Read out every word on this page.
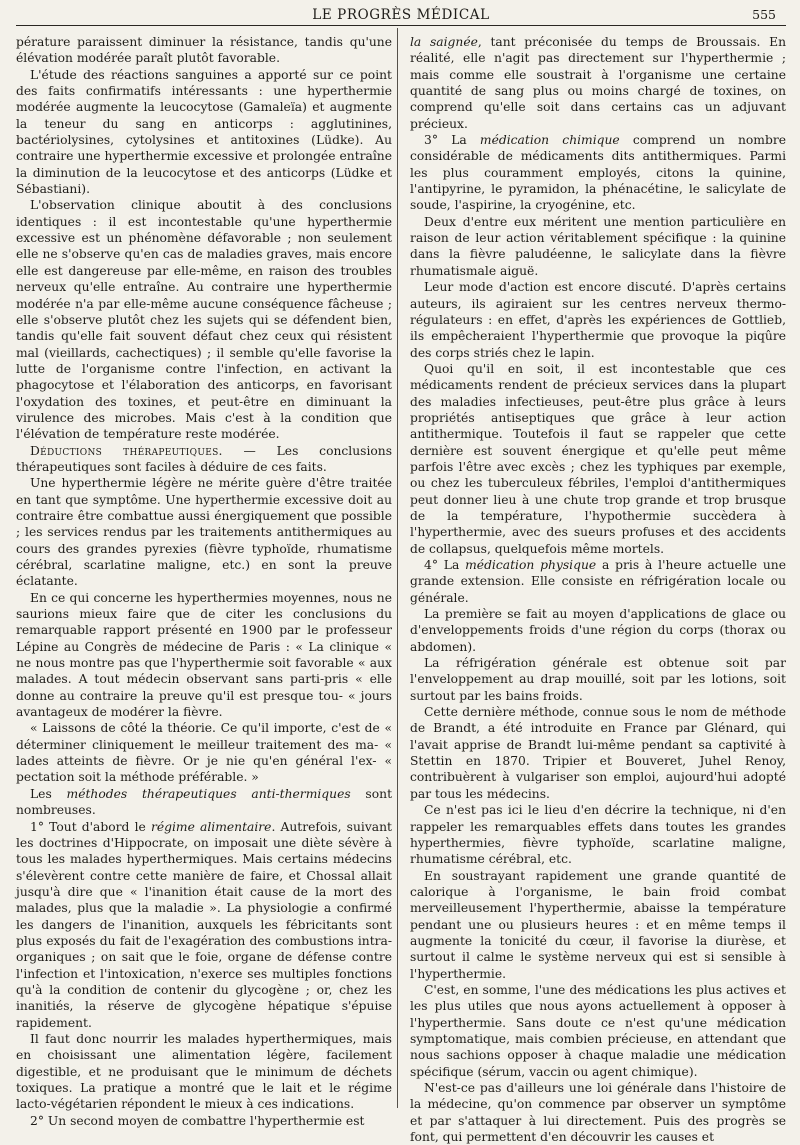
LE PROGRÈS MÉDICAL	555

pérature paraissent diminuer la résistance, tandis qu'une élévation modérée paraît plutôt favorable.

L'étude des réactions sanguines a apporté sur ce point des faits confirmatifs intéressants : une hyperthermie modérée augmente la leucocytose (Gamaleïa) et augmente la teneur du sang en anticorps : agglutinines, bactériolysines, cytolysines et antitoxines (Lüdke). Au contraire une hyperthermie excessive et prolongée entraîne la diminution de la leucocytose et des anticorps (Lüdke et Sébastiani).

L'observation clinique aboutit à des conclusions identiques : il est incontestable qu'une hyperthermie excessive est un phénomène défavorable ; non seulement elle ne s'observe qu'en cas de maladies graves, mais encore elle est dangereuse par elle-même, en raison des troubles nerveux qu'elle entraîne. Au contraire une hyperthermie modérée n'a par elle-même aucune conséquence fâcheuse ; elle s'observe plutôt chez les sujets qui se défendent bien, tandis qu'elle fait souvent défaut chez ceux qui résistent mal (vieillards, cachectiques) ; il semble qu'elle favorise la lutte de l'organisme contre l'infection, en activant la phagocytose et l'élaboration des anticorps, en favorisant l'oxydation des toxines, et peut-être en diminuant la virulence des microbes. Mais c'est à la condition que l'élévation de température reste modérée.

Déductions thérapeutiques. — Les conclusions thérapeutiques sont faciles à déduire de ces faits.

Une hyperthermie légère ne mérite guère d'être traitée en tant que symptôme. Une hyperthermie excessive doit au contraire être combattue aussi énergiquement que possible ; les services rendus par les traitements antithermiques au cours des grandes pyrexies (fièvre typhoïde, rhumatisme cérébral, scarlatine maligne, etc.) en sont la preuve éclatante.

En ce qui concerne les hyperthermies moyennes, nous ne saurions mieux faire que de citer les conclusions du remarquable rapport présenté en 1900 par le professeur Lépine au Congrès de médecine de Paris : « La clinique « ne nous montre pas que l'hyperthermie soit favorable « aux malades. A tout médecin observant sans parti-pris « elle donne au contraire la preuve qu'il est presque tou- « jours avantageux de modérer la fièvre.

« Laissons de côté la théorie. Ce qu'il importe, c'est de « déterminer cliniquement le meilleur traitement des ma- « lades atteints de fièvre. Or je nie qu'en général l'ex- « pectation soit la méthode préférable. »

Les méthodes thérapeutiques anti-thermiques sont nombreuses.

1° Tout d'abord le régime alimentaire. Autrefois, suivant les doctrines d'Hippocrate, on imposait une diète sévère à tous les malades hyperthermiques. Mais certains médecins s'élevèrent contre cette manière de faire, et Chossal allait jusqu'à dire que « l'inanition était cause de la mort des malades, plus que la maladie ». La physiologie a confirmé les dangers de l'inanition, auxquels les fébricitants sont plus exposés du fait de l'exagération des combustions intra-organiques ; on sait que le foie, organe de défense contre l'infection et l'intoxication, n'exerce ses multiples fonctions qu'à la condition de contenir du glycogène ; or, chez les inanitiés, la réserve de glycogène hépatique s'épuise rapidement.

Il faut donc nourrir les malades hyperthermiques, mais en choisissant une alimentation légère, facilement digestible, et ne produisant que le minimum de déchets toxiques. La pratique a montré que le lait et le régime lacto-végétarien répondent le mieux à ces indications.

2° Un second moyen de combattre l'hyperthermie est

la saignée, tant préconisée du temps de Broussais. En réalité, elle n'agit pas directement sur l'hyperthermie ; mais comme elle soustrait à l'organisme une certaine quantité de sang plus ou moins chargé de toxines, on comprend qu'elle soit dans certains cas un adjuvant précieux.

3° La médication chimique comprend un nombre considérable de médicaments dits antithermiques. Parmi les plus couramment employés, citons la quinine, l'antipyrine, le pyramidon, la phénacétine, le salicylate de soude, l'aspirine, la cryogénine, etc.

Deux d'entre eux méritent une mention particulière en raison de leur action véritablement spécifique : la quinine dans la fièvre paludéenne, le salicylate dans la fièvre rhumatismale aiguë.

Leur mode d'action est encore discuté. D'après certains auteurs, ils agiraient sur les centres nerveux thermo-régulateurs : en effet, d'après les expériences de Gottlieb, ils empêcheraient l'hyperthermie que provoque la piqûre des corps striés chez le lapin.

Quoi qu'il en soit, il est incontestable que ces médicaments rendent de précieux services dans la plupart des maladies infectieuses, peut-être plus grâce à leurs propriétés antiseptiques que grâce à leur action antithermique. Toutefois il faut se rappeler que cette dernière est souvent énergique et qu'elle peut même parfois l'être avec excès ; chez les typhiques par exemple, ou chez les tuberculeux fébriles, l'emploi d'antithermiques peut donner lieu à une chute trop grande et trop brusque de la température, l'hypothermie succèdera à l'hyperthermie, avec des sueurs profuses et des accidents de collapsus, quelquefois même mortels.

4° La médication physique a pris à l'heure actuelle une grande extension. Elle consiste en réfrigération locale ou générale.

La première se fait au moyen d'applications de glace ou d'enveloppements froids d'une région du corps (thorax ou abdomen).

La réfrigération générale est obtenue soit par l'enveloppement au drap mouillé, soit par les lotions, soit surtout par les bains froids.

Cette dernière méthode, connue sous le nom de méthode de Brandt, a été introduite en France par Glénard, qui l'avait apprise de Brandt lui-même pendant sa captivité à Stettin en 1870. Tripier et Bouveret, Juhel Renoy, contribuèrent à vulgariser son emploi, aujourd'hui adopté par tous les médecins.

Ce n'est pas ici le lieu d'en décrire la technique, ni d'en rappeler les remarquables effets dans toutes les grandes hyperthermies, fièvre typhoïde, scarlatine maligne, rhumatisme cérébral, etc.

En soustrayant rapidement une grande quantité de calorique à l'organisme, le bain froid combat merveilleusement l'hyperthermie, abaisse la température pendant une ou plusieurs heures : et en même temps il augmente la tonicité du cœur, il favorise la diurèse, et surtout il calme le système nerveux qui est si sensible à l'hyperthermie.

C'est, en somme, l'une des médications les plus actives et les plus utiles que nous ayons actuellement à opposer à l'hyperthermie. Sans doute ce n'est qu'une médication symptomatique, mais combien précieuse, en attendant que nous sachions opposer à chaque maladie une médication spécifique (sérum, vaccin ou agent chimique).

N'est-ce pas d'ailleurs une loi générale dans l'histoire de la médecine, qu'on commence par observer un symptôme et par s'attaquer à lui directement. Puis des progrès se font, qui permettent d'en découvrir les causes et
